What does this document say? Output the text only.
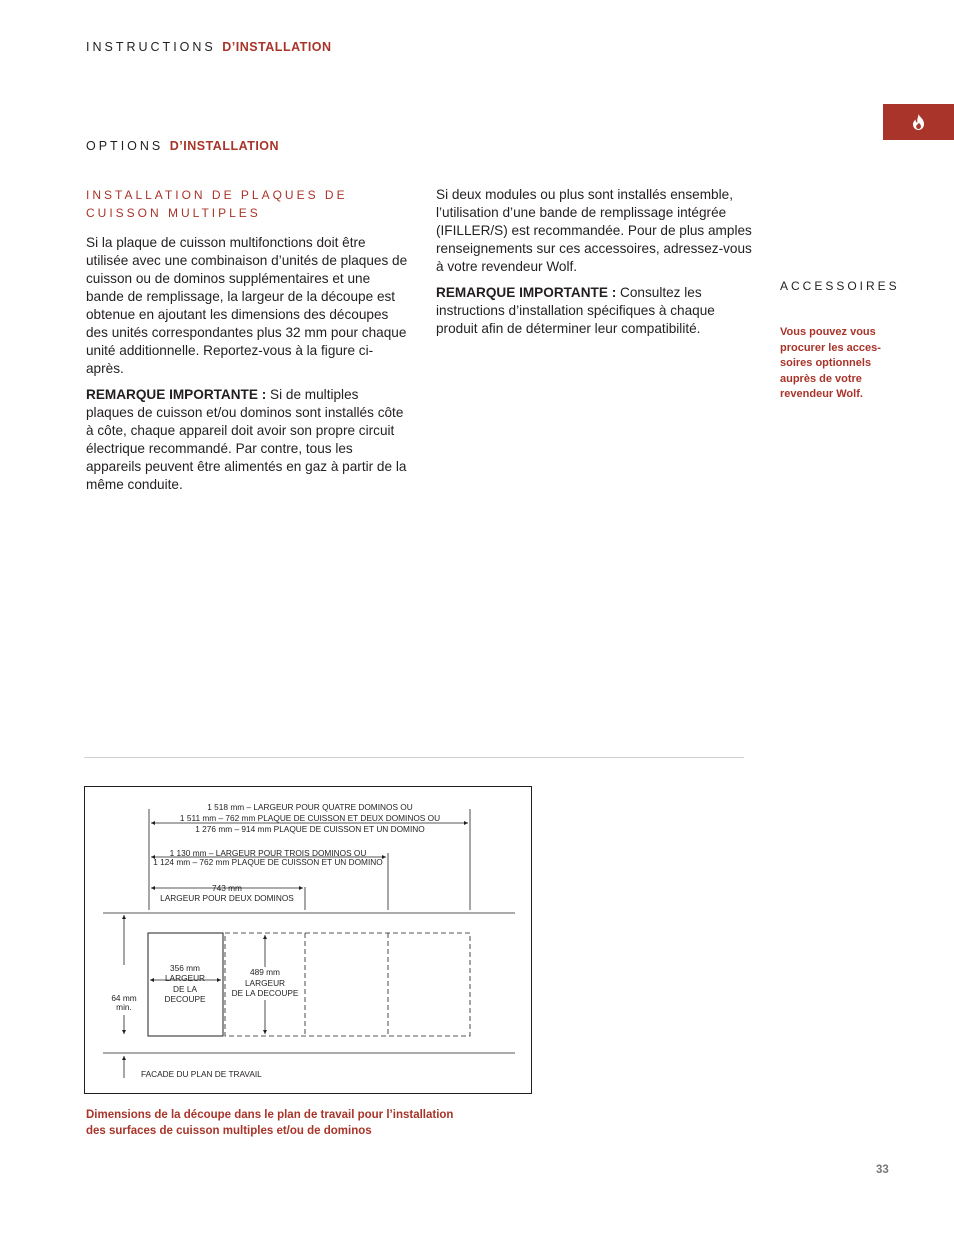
INSTRUCTIONS D’INSTALLATION
OPTIONS D’INSTALLATION

INSTALLATION DE PLAQUES DE
CUISSON MULTIPLES

Si la plaque de cuisson multifonctions doit être utilisée avec une combinaison d’unités de plaques de cuisson ou de dominos supplémentaires et une bande de remplissage, la largeur de la découpe est obtenue en ajoutant les dimensions des découpes des unités correspondantes plus 32 mm pour chaque unité additionnelle. Reportez-vous à la figure ci-après.

REMARQUE IMPORTANTE : Si de multiples plaques de cuisson et/ou dominos sont installés côte à côte, chaque appareil doit avoir son propre circuit électrique recommandé. Par contre, tous les appareils peuvent être alimentés en gaz à partir de la même conduite.

Si deux modules ou plus sont installés ensemble, l’utilisation d’une bande de remplissage intégrée (IFILLER/S) est recommandée. Pour de plus amples renseignements sur ces accessoires, adressez-vous à votre revendeur Wolf.

REMARQUE IMPORTANTE : Consultez les instructions d’installation spécifiques à chaque produit afin de déterminer leur compatibilité.

ACCESSOIRES
Vous pouvez vous
procurer les acces-
soires optionnels
auprès de votre
revendeur Wolf.
1 518 mm – LARGEUR POUR QUATRE DOMINOS OU
1 511 mm – 762 mm PLAQUE DE CUISSON ET DEUX DOMINOS OU
1 276 mm – 914 mm PLAQUE DE CUISSON ET UN DOMINO
1 130 mm – LARGEUR POUR TROIS DOMINOS OU
1 124 mm – 762 mm PLAQUE DE CUISSON ET UN DOMINO
743 mm
LARGEUR POUR DEUX DOMINOS
356 mm
LARGEUR
DE LA
DECOUPE
489 mm
LARGEUR
DE LA DECOUPE
64 mm
min.
FACADE DU PLAN DE TRAVAIL
Dimensions de la découpe dans le plan de travail pour l’installation
des surfaces de cuisson multiples et/ou de dominos
33
